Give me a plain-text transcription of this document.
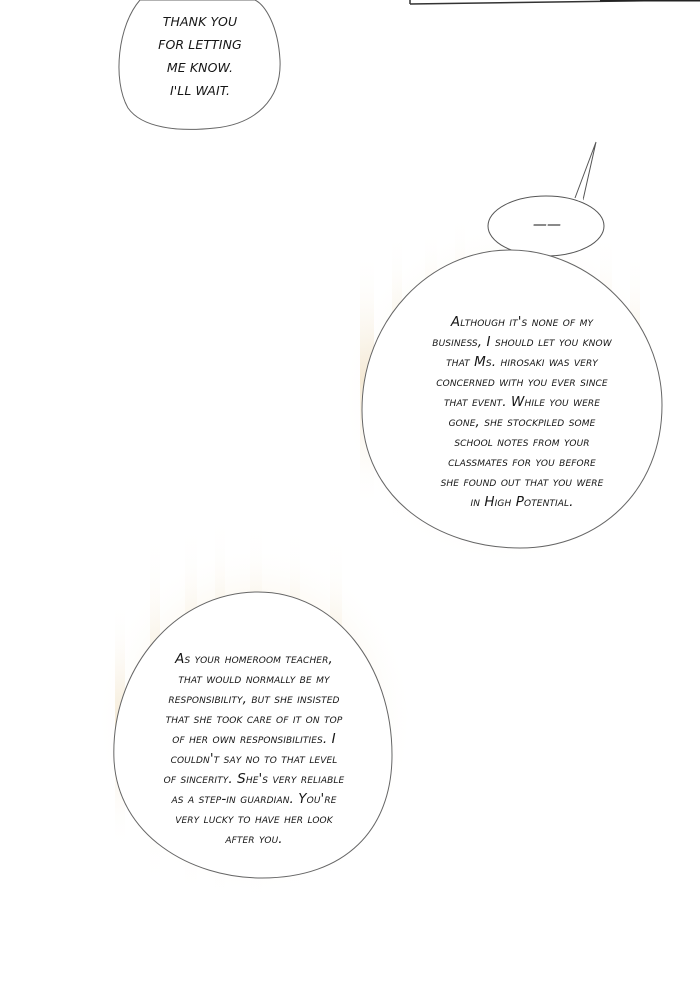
THANK YOU
FOR LETTING
ME KNOW.
I'LL WAIT.
——
Although it's none of my
business, I should let you know
that Ms. hirosaki was very
concerned with you ever since
that event. While you were
gone, she stockpiled some
school notes from your
classmates for you before
she found out that you were
in High Potential.
As your homeroom teacher,
that would normally be my
responsibility, but she insisted
that she took care of it on top
of her own responsibilities. I
couldn't say no to that level
of sincerity. She's very reliable
as a step-in guardian. You're
very lucky to have her look
after you.
